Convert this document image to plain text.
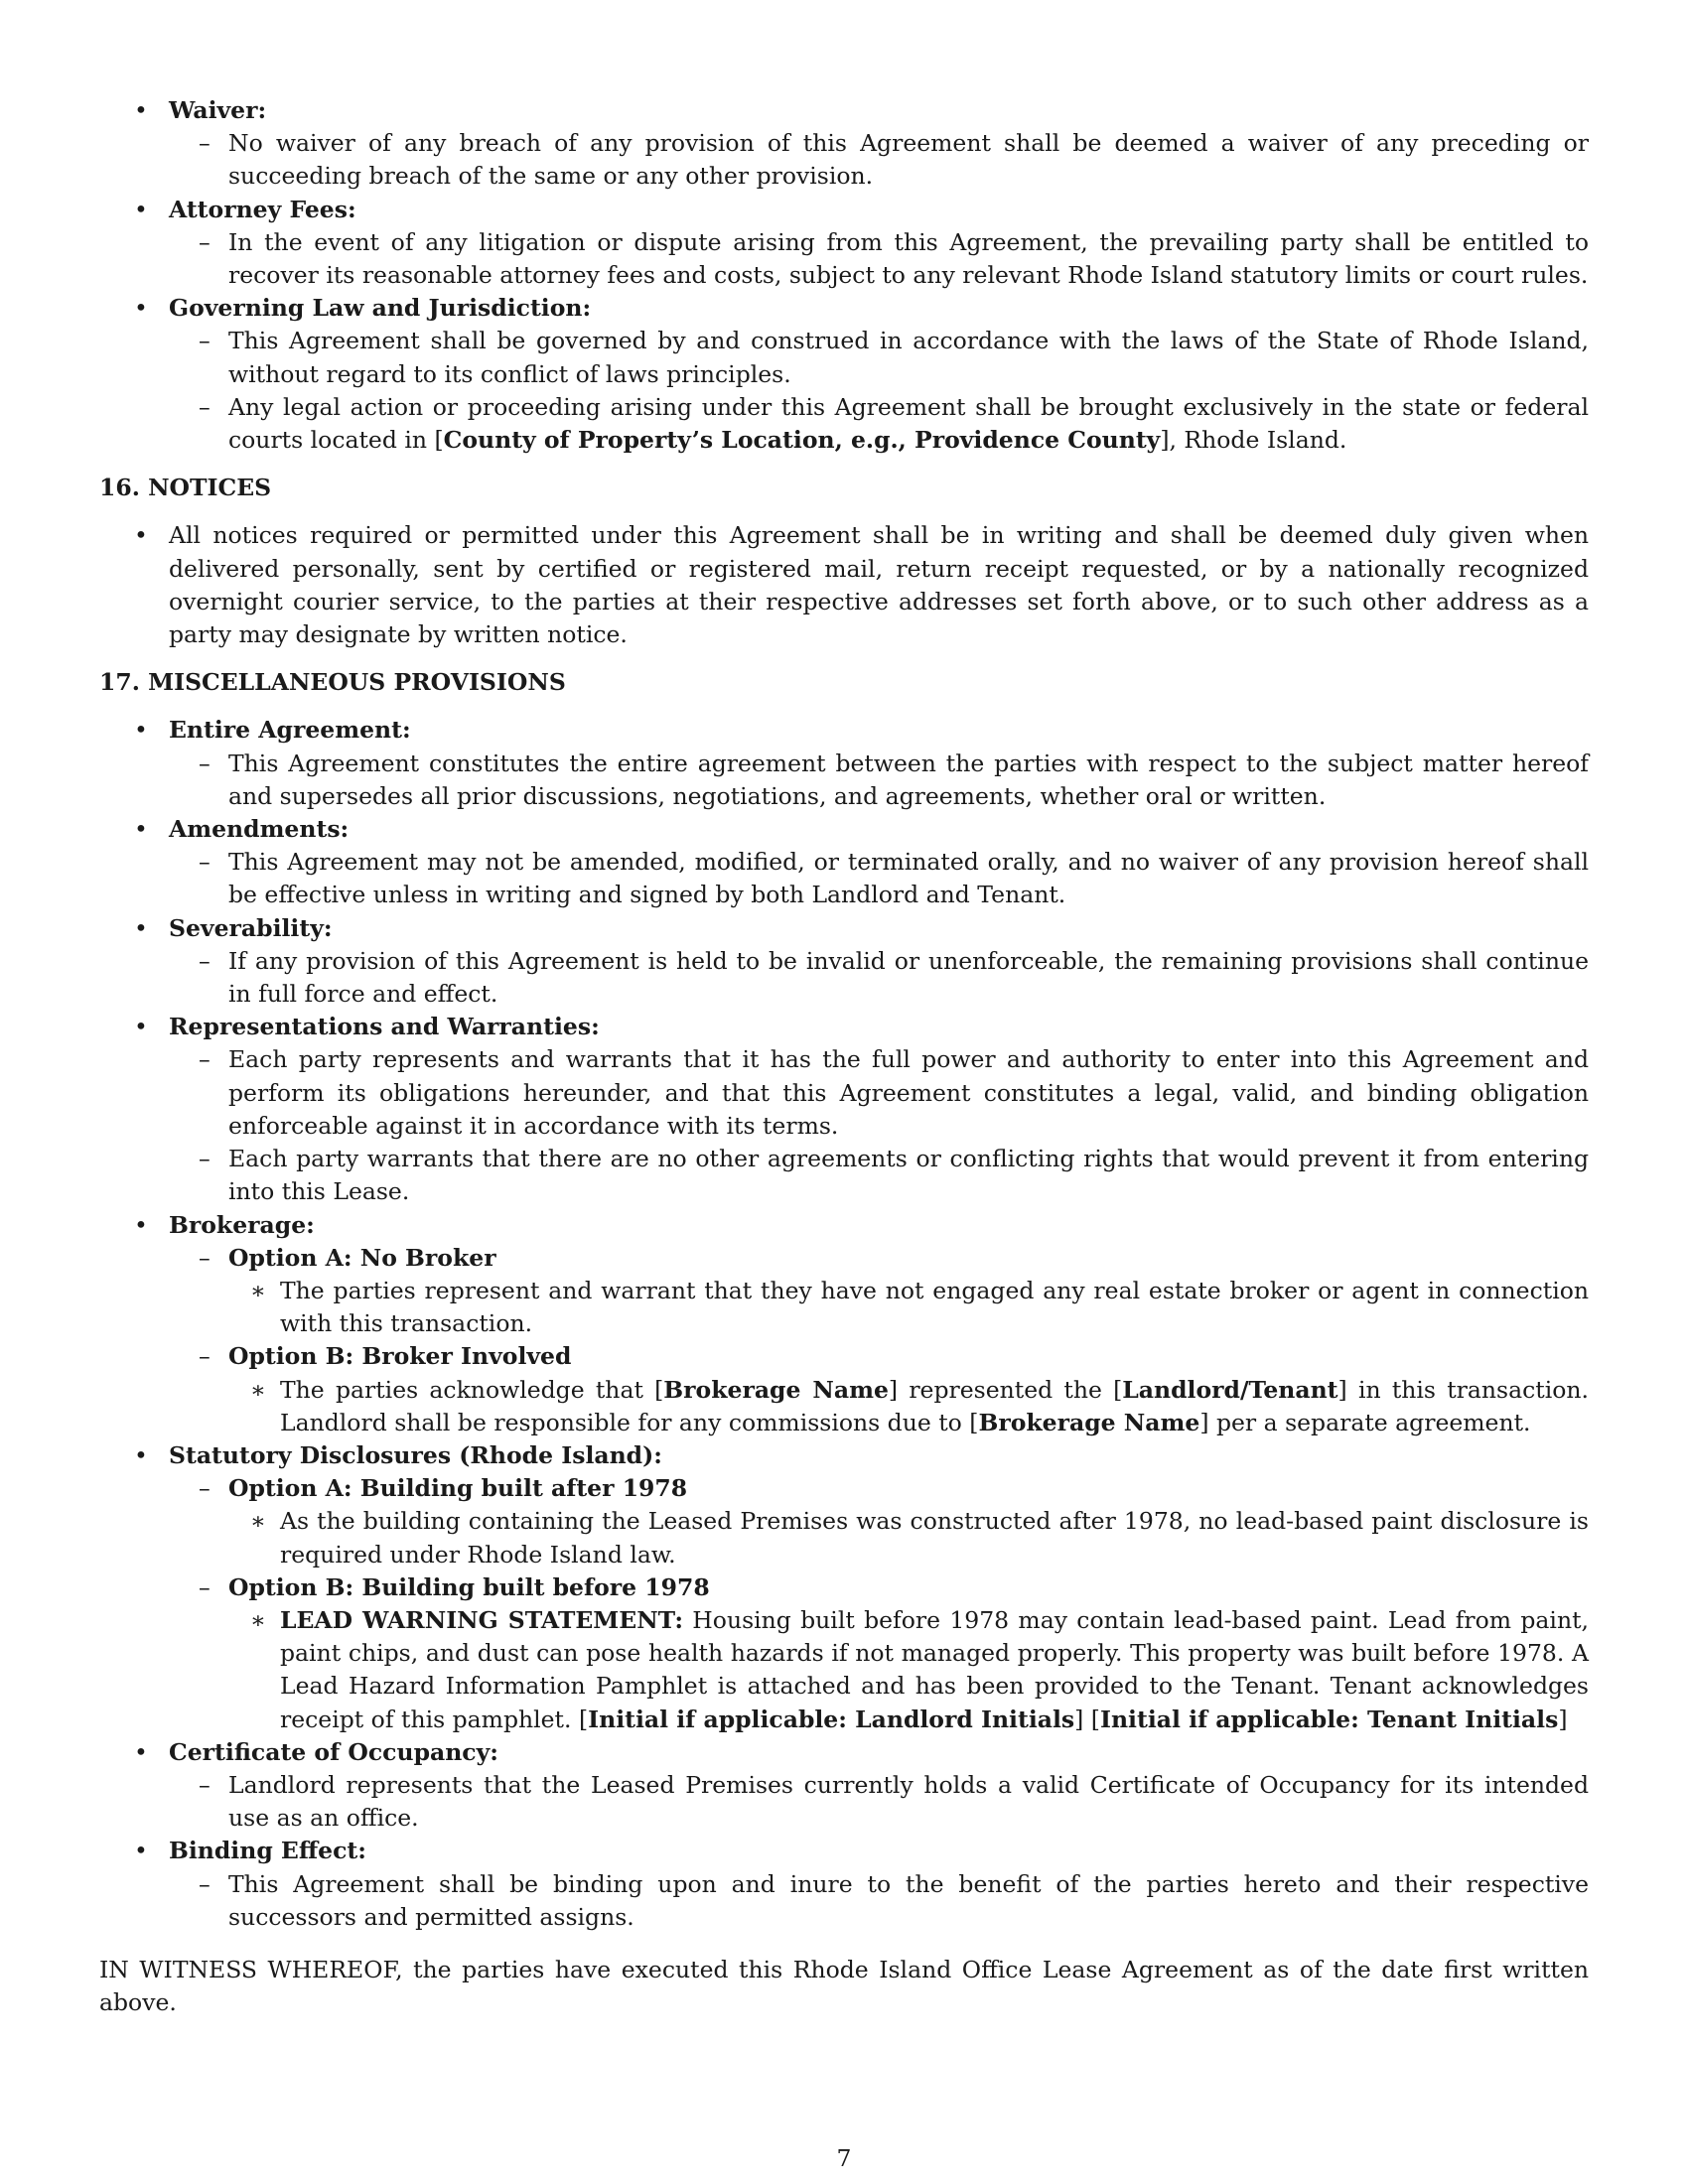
• Waiver:
– No waiver of any breach of any provision of this Agreement shall be deemed a waiver of any preceding or succeeding breach of the same or any other provision.
• Attorney Fees:
– In the event of any litigation or dispute arising from this Agreement, the prevailing party shall be entitled to recover its reasonable attorney fees and costs, subject to any relevant Rhode Island statutory limits or court rules.
• Governing Law and Jurisdiction:
– This Agreement shall be governed by and construed in accordance with the laws of the State of Rhode Island, without regard to its conflict of laws principles.
– Any legal action or proceeding arising under this Agreement shall be brought exclusively in the state or federal courts located in [County of Property’s Location, e.g., Providence County], Rhode Island.

16. NOTICES

• All notices required or permitted under this Agreement shall be in writing and shall be deemed duly given when delivered personally, sent by certified or registered mail, return receipt requested, or by a nationally recognized overnight courier service, to the parties at their respective addresses set forth above, or to such other address as a party may designate by written notice.

17. MISCELLANEOUS PROVISIONS

• Entire Agreement:
– This Agreement constitutes the entire agreement between the parties with respect to the subject matter hereof and supersedes all prior discussions, negotiations, and agreements, whether oral or written.
• Amendments:
– This Agreement may not be amended, modified, or terminated orally, and no waiver of any provision hereof shall be effective unless in writing and signed by both Landlord and Tenant.
• Severability:
– If any provision of this Agreement is held to be invalid or unenforceable, the remaining provisions shall continue in full force and effect.
• Representations and Warranties:
– Each party represents and warrants that it has the full power and authority to enter into this Agreement and perform its obligations hereunder, and that this Agreement constitutes a legal, valid, and binding obligation enforceable against it in accordance with its terms.
– Each party warrants that there are no other agreements or conflicting rights that would prevent it from entering into this Lease.
• Brokerage:
– Option A: No Broker
∗ The parties represent and warrant that they have not engaged any real estate broker or agent in connection with this transaction.
– Option B: Broker Involved
∗ The parties acknowledge that [Brokerage Name] represented the [Landlord/Tenant] in this transaction. Landlord shall be responsible for any commissions due to [Brokerage Name] per a separate agreement.
• Statutory Disclosures (Rhode Island):
– Option A: Building built after 1978
∗ As the building containing the Leased Premises was constructed after 1978, no lead-based paint disclosure is required under Rhode Island law.
– Option B: Building built before 1978
∗ LEAD WARNING STATEMENT: Housing built before 1978 may contain lead-based paint. Lead from paint, paint chips, and dust can pose health hazards if not managed properly. This property was built before 1978. A Lead Hazard Information Pamphlet is attached and has been provided to the Tenant. Tenant acknowledges receipt of this pamphlet. [Initial if applicable: Landlord Initials] [Initial if applicable: Tenant Initials]
• Certificate of Occupancy:
– Landlord represents that the Leased Premises currently holds a valid Certificate of Occupancy for its intended use as an office.
• Binding Effect:
– This Agreement shall be binding upon and inure to the benefit of the parties hereto and their respective successors and permitted assigns.

IN WITNESS WHEREOF, the parties have executed this Rhode Island Office Lease Agreement as of the date first written above.

7
